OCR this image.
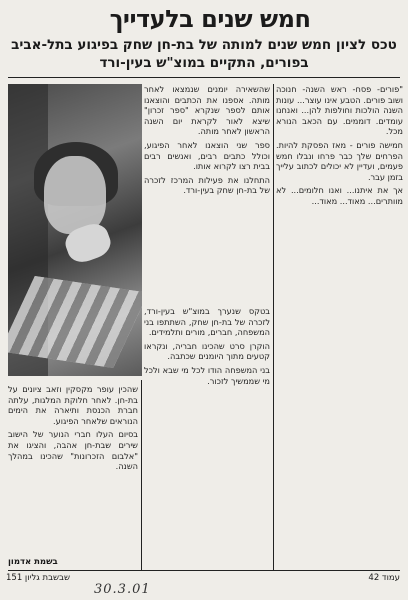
חמש שנים בלעדייך
טכס לציון חמש שנים למותה של בת-חן שחק בפיגוע בתל-אביב בפורים, התקיים במוצ"ש בעין-ורד

"פורים- פסח- ראש השנה- חנוכה ושוב פורים. הטבע אינו עוצר... עונות השנה הולכות וחולפות להן... ואנחנו עומדים. דוממים. עם הכאב הנורא מכל.

חמישה פורים - מאז הפסקת להיות. הפרחים שלך כבר פרחו ונבלו חמש פעמים, ועדיין לא יכולים לכתוב עלייך בזמן עבר.

אך את איתנו... ואנו חלומים... לא מוותרים... מאוד... מאוד...

שהשאירה יומנים שנמצאו לאחר מותה. אספנו את הכתבים והוצאנו אותם לספר שנקרא "ספר זכרון" שיצא לאור לקראת יום השנה הראשון לאחר מותה.

ספר שני הוצאנו לאחר הפיגוע, וכולל כתבים רבים, ואנשים רבים בבית רצו לקרוא אותו.

התחלנו את פעילות המרכז לזכרה של בת-חן שחק בעין-ורד.

בטקס שנערך במוצ"ש בעין-ורד, לזכרה של בת-חן שחק, השתתפו בני המשפחה, חברים, מורים ותלמידים.

הוקרן סרט שהכינו חבריה, ונקראו קטעים מתוך היומנים שכתבה.

בני המשפחה הודו לכל מי שבא ולכל מי שממשיך לזכור.

שהכין עופר מקסקין וזאב ציונים על בת-חן. לאחר חלוקת המלגות, עלתה חברת הכנסת ותיארה את הימים הנוראים שלאחר הפיגוע.

בסיום העלו חברי הנוער של הישוב שירים שבת-חן אהבה, והציגו את "אלבום הזכרונות" שהכינו במהלך השנה.

בשמת אדמון
שבשבת גליון 151	עמוד 42
30.3.01
